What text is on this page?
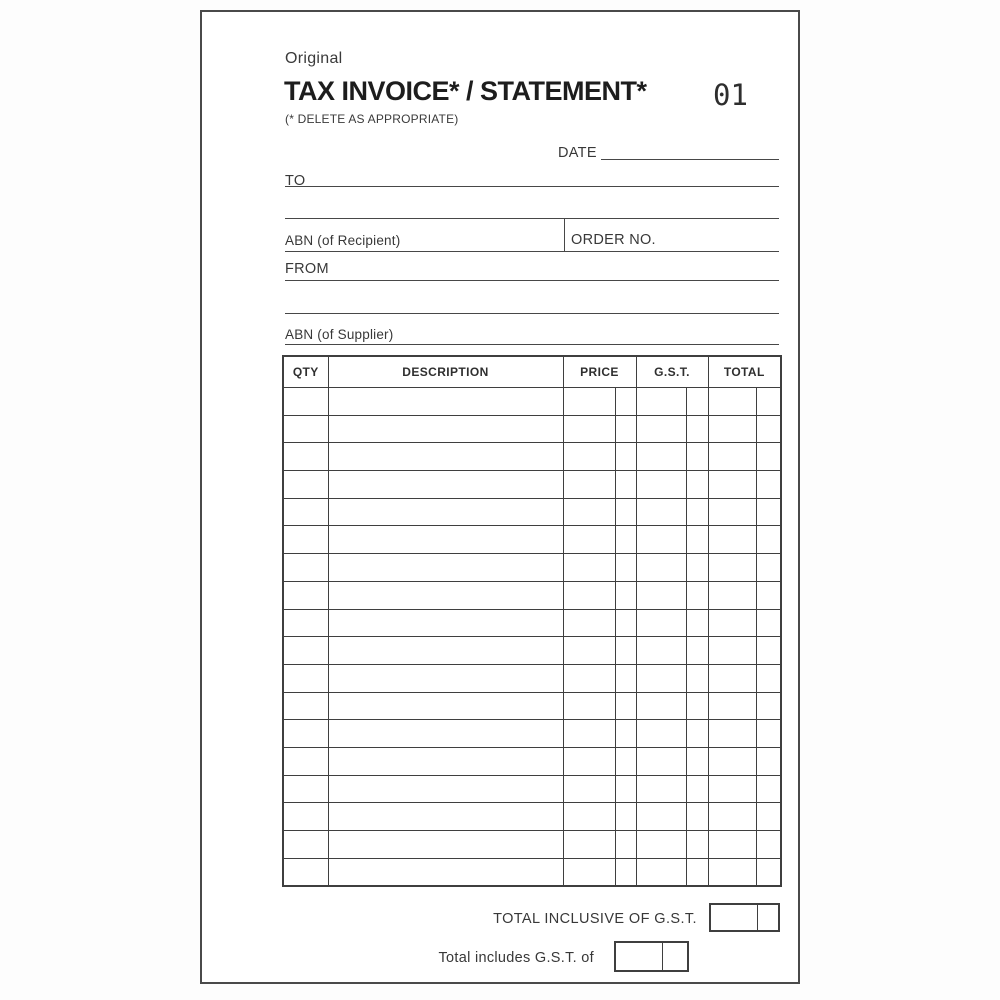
Original
TAX INVOICE* / STATEMENT* 01
(* DELETE AS APPROPRIATE)
DATE
TO
ABN (of Recipient)	ORDER NO.
FROM
ABN (of Supplier)
QTY	DESCRIPTION	PRICE		G.S.T.		TOTAL	

TOTAL INCLUSIVE OF G.S.T.
Total includes G.S.T. of
